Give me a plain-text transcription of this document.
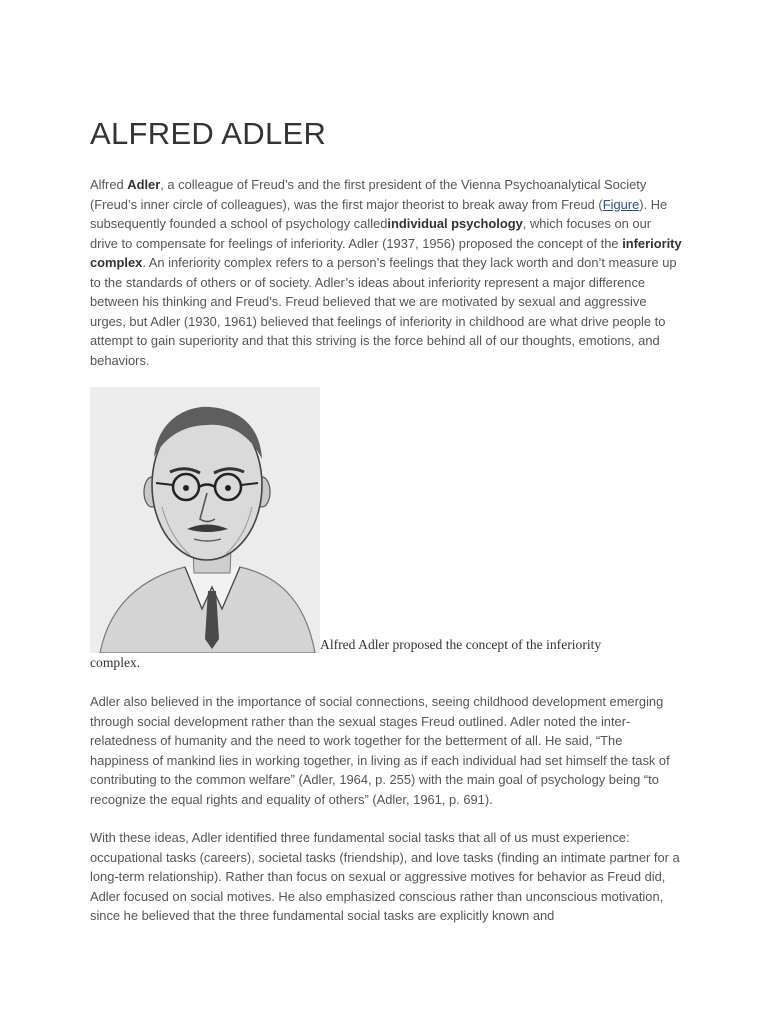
ALFRED ADLER

Alfred Adler, a colleague of Freud’s and the first president of the Vienna Psychoanalytical Society (Freud’s inner circle of colleagues), was the first major theorist to break away from Freud (Figure). He subsequently founded a school of psychology calledindividual psychology, which focuses on our drive to compensate for feelings of inferiority. Adler (1937, 1956) proposed the concept of the inferiority complex. An inferiority complex refers to a person’s feelings that they lack worth and don’t measure up to the standards of others or of society. Adler’s ideas about inferiority represent a major difference between his thinking and Freud’s. Freud believed that we are motivated by sexual and aggressive urges, but Adler (1930, 1961) believed that feelings of inferiority in childhood are what drive people to attempt to gain superiority and that this striving is the force behind all of our thoughts, emotions, and behaviors.

Alfred Adler proposed the concept of the inferiority complex.

Adler also believed in the importance of social connections, seeing childhood development emerging through social development rather than the sexual stages Freud outlined. Adler noted the inter-relatedness of humanity and the need to work together for the betterment of all. He said, “The happiness of mankind lies in working together, in living as if each individual had set himself the task of contributing to the common welfare” (Adler, 1964, p. 255) with the main goal of psychology being “to recognize the equal rights and equality of others” (Adler, 1961, p. 691).

With these ideas, Adler identified three fundamental social tasks that all of us must experience: occupational tasks (careers), societal tasks (friendship), and love tasks (finding an intimate partner for a long-term relationship). Rather than focus on sexual or aggressive motives for behavior as Freud did, Adler focused on social motives. He also emphasized conscious rather than unconscious motivation, since he believed that the three fundamental social tasks are explicitly known and
